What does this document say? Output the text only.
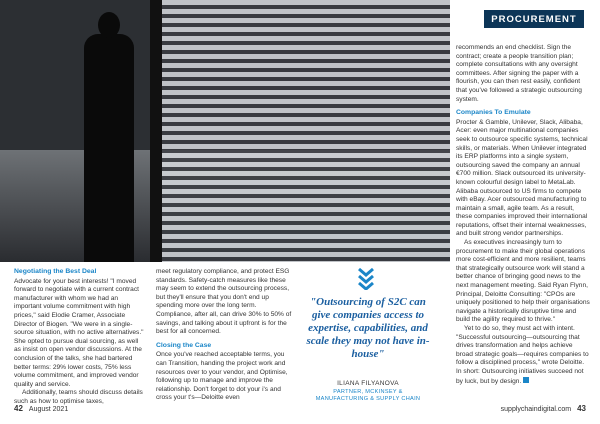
PROCUREMENT
Negotiating the Best Deal

Advocate for your best interests! "I moved forward to negotiate with a current contract manufacturer with whom we had an important volume commitment with high prices," said Elodie Cramer, Associate Director of Biogen. "We were in a single-source situation, with no active alternatives." She opted to pursue dual sourcing, as well as insist on open vendor discussions. At the conclusion of the talks, she had bartered better terms: 29% lower costs, 75% less volume commitment, and improved vendor quality and service.

Additionally, teams should discuss details such as how to optimise taxes,

meet regulatory compliance, and protect ESG standards. Safety-catch measures like these may seem to extend the outsourcing process, but they'll ensure that you don't end up spending more over the long term. Compliance, after all, can drive 30% to 50% of savings, and talking about it upfront is for the best for all concerned.

Closing the Case

Once you've reached acceptable terms, you can Transition, handing the project work and resources over to your vendor, and Optimise, following up to manage and improve the relationship. Don't forget to dot your i's and cross your t's—Deloitte even

recommends an end checklist. Sign the contract; create a people transition plan; complete consultations with any oversight committees. After signing the paper with a flourish, you can then rest easily, confident that you've followed a strategic outsourcing system.

Companies To Emulate

Procter & Gamble, Unilever, Slack, Alibaba, Acer: even major multinational companies seek to outsource specific systems, technical skills, or materials. When Unilever integrated its ERP platforms into a single system, outsourcing saved the company an annual €700 million. Slack outsourced its university-known colourful design label to MetaLab. Alibaba outsourced to US firms to compete with eBay. Acer outsourced manufacturing to maintain a small, agile team. As a result, these companies improved their international reputations, offset their internal weaknesses, and built strong vendor partnerships.

As executives increasingly turn to procurement to make their global operations more cost-efficient and more resilient, teams that strategically outsource work will stand a better chance of bringing good news to the next management meeting. Said Ryan Flynn, Principal, Deloitte Consulting: "CPOs are uniquely positioned to help their organisations navigate a historically disruptive time and build the agility required to thrive."

Yet to do so, they must act with intent. "Successful outsourcing—outsourcing that drives transformation and helps achieve broad strategic goals—requires companies to follow a disciplined process," wrote Deloitte. In short: Outsourcing initiatives succeed not by luck, but by design.

"Outsourcing of S2C can give companies access to expertise, capabilities, and scale they may not have in-house"
ILIANA FILYANOVA
PARTNER, MCKINSEY &
MANUFACTURING & SUPPLY CHAIN
42 August 2021	supplychaindigital.com 43
